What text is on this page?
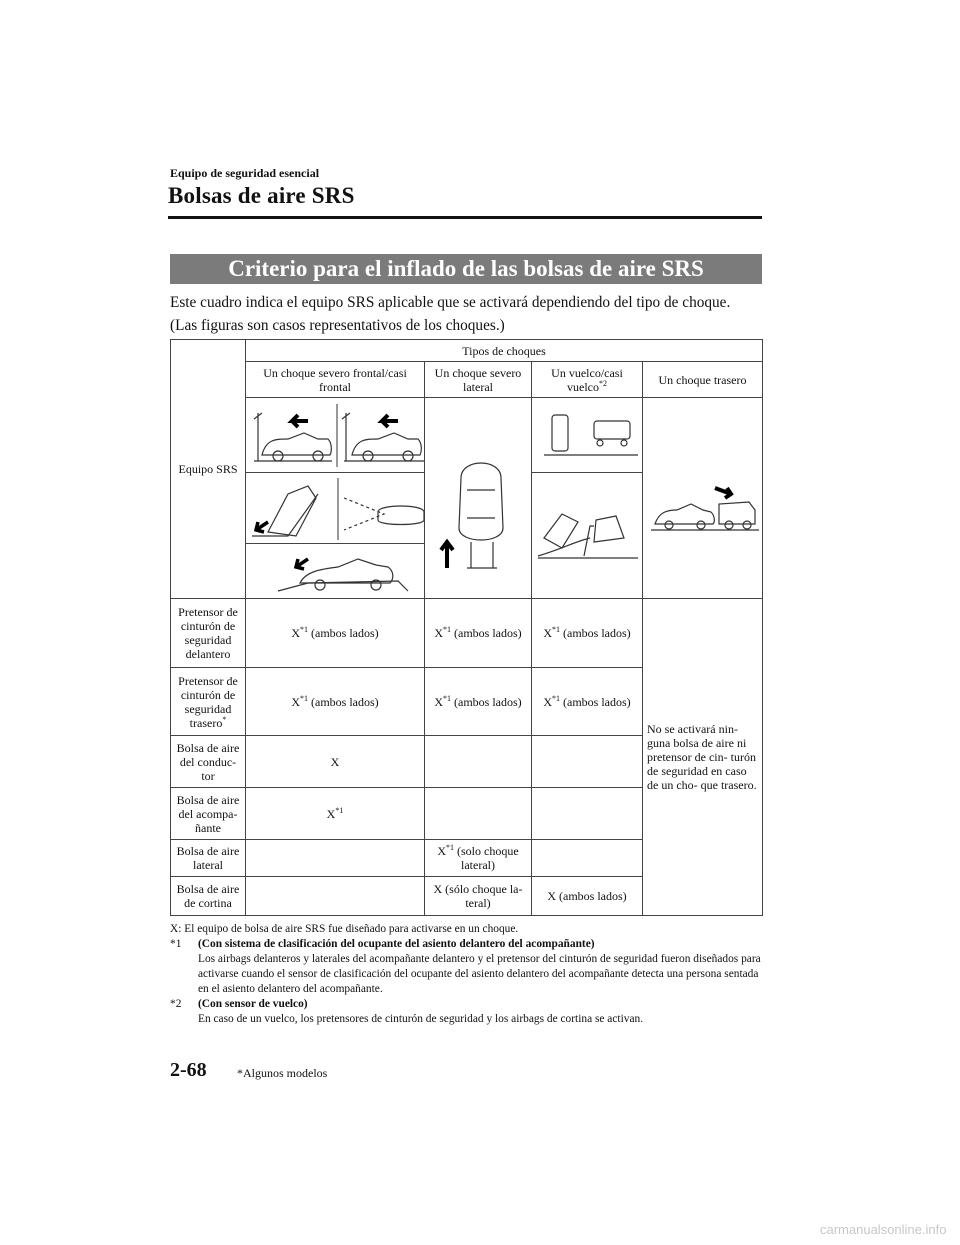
Equipo de seguridad esencial
Bolsas de aire SRS
Criterio para el inflado de las bolsas de aire SRS
Este cuadro indica el equipo SRS aplicable que se activará dependiendo del tipo de choque.
(Las figuras son casos representativos de los choques.)
Equipo SRS	Tipos de choques			
	Un choque severo frontal/casi frontal	Un choque severo lateral	Un vuelco/casi vuelco$^{*2}$	Un choque trasero

Pretensor de cinturón de seguridad delantero	$X^{*1}$ (ambos lados)	$X^{*1}$ (ambos lados)	$X^{*1}$ (ambos lados)	No se activará nin- guna bolsa de aire ni pretensor de cin- turón de seguridad en caso de un cho- que trasero.
Pretensor de cinturón de seguridad trasero*	$X^{*1}$ (ambos lados)	$X^{*1}$ (ambos lados)	$X^{*1}$ (ambos lados)	
Bolsa de aire del conduc- tor	X			
Bolsa de aire del acompa- ñante	$X^{*1}$		
Bolsa de aire lateral		$X^{*1}$ (solo choque lateral)		
Bolsa de aire de cortina		X (sólo choque la- teral)	X (ambos lados)	
X: El equipo de bolsa de aire SRS fue diseñado para activarse en un choque.
*1	(Con sistema de clasificación del ocupante del asiento delantero del acompañante)
Los airbags delanteros y laterales del acompañante delantero y el pretensor del cinturón de seguridad fueron diseñados para activarse cuando el sensor de clasificación del ocupante del asiento delantero del acompañante detecta una persona sentada en el asiento delantero del acompañante.
*2	(Con sensor de vuelco)
En caso de un vuelco, los pretensores de cinturón de seguridad y los airbags de cortina se activan.
2-68	*Algunos modelos
carmanualsonline.info
